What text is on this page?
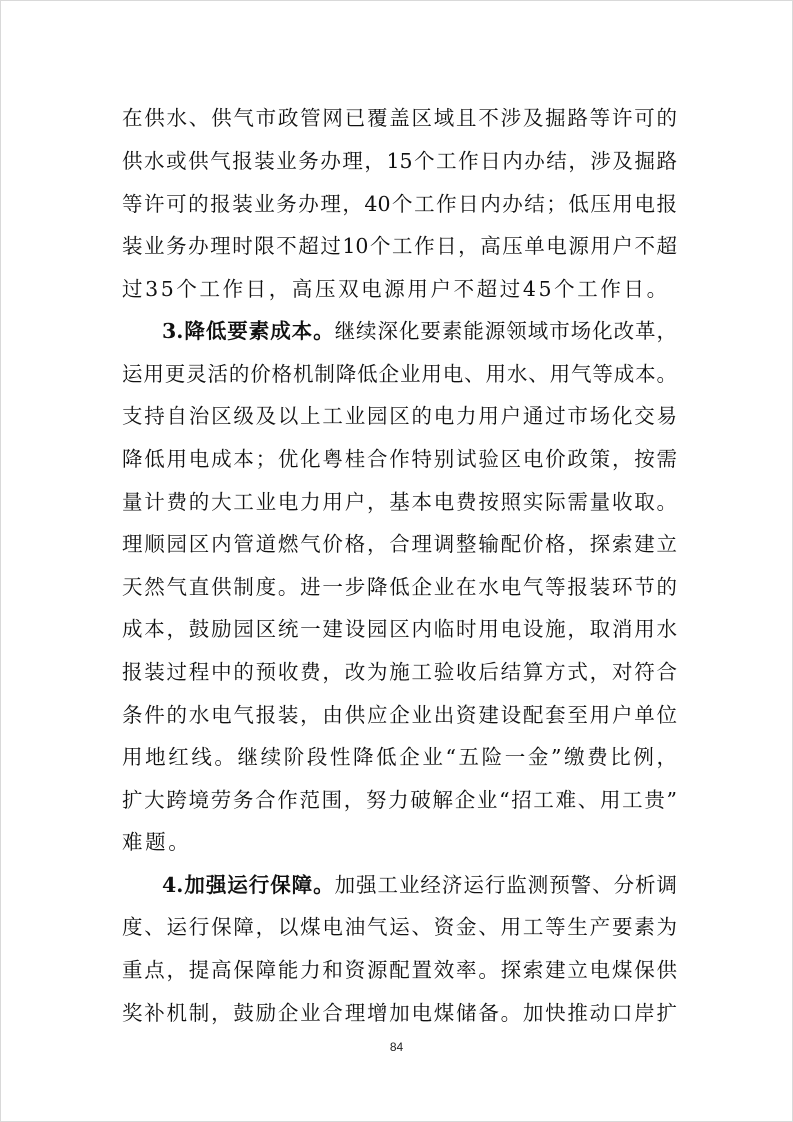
在供水、供气市政管网已覆盖区域且不涉及掘路等许可的
供水或供气报装业务办理，15个工作日内办结，涉及掘路
等许可的报装业务办理，40个工作日内办结；低压用电报
装业务办理时限不超过10个工作日，高压单电源用户不超
过35个工作日，高压双电源用户不超过45个工作日。
3.降低要素成本。继续深化要素能源领域市场化改革，
运用更灵活的价格机制降低企业用电、用水、用气等成本。
支持自治区级及以上工业园区的电力用户通过市场化交易
降低用电成本；优化粤桂合作特别试验区电价政策，按需
量计费的大工业电力用户，基本电费按照实际需量收取。
理顺园区内管道燃气价格，合理调整输配价格，探索建立
天然气直供制度。进一步降低企业在水电气等报装环节的
成本，鼓励园区统一建设园区内临时用电设施，取消用水
报装过程中的预收费，改为施工验收后结算方式，对符合
条件的水电气报装，由供应企业出资建设配套至用户单位
用地红线。继续阶段性降低企业“五险一金”缴费比例，
扩大跨境劳务合作范围，努力破解企业“招工难、用工贵”
难题。
4.加强运行保障。加强工业经济运行监测预警、分析调
度、运行保障，以煤电油气运、资金、用工等生产要素为
重点，提高保障能力和资源配置效率。探索建立电煤保供
奖补机制，鼓励企业合理增加电煤储备。加快推动口岸扩
84
